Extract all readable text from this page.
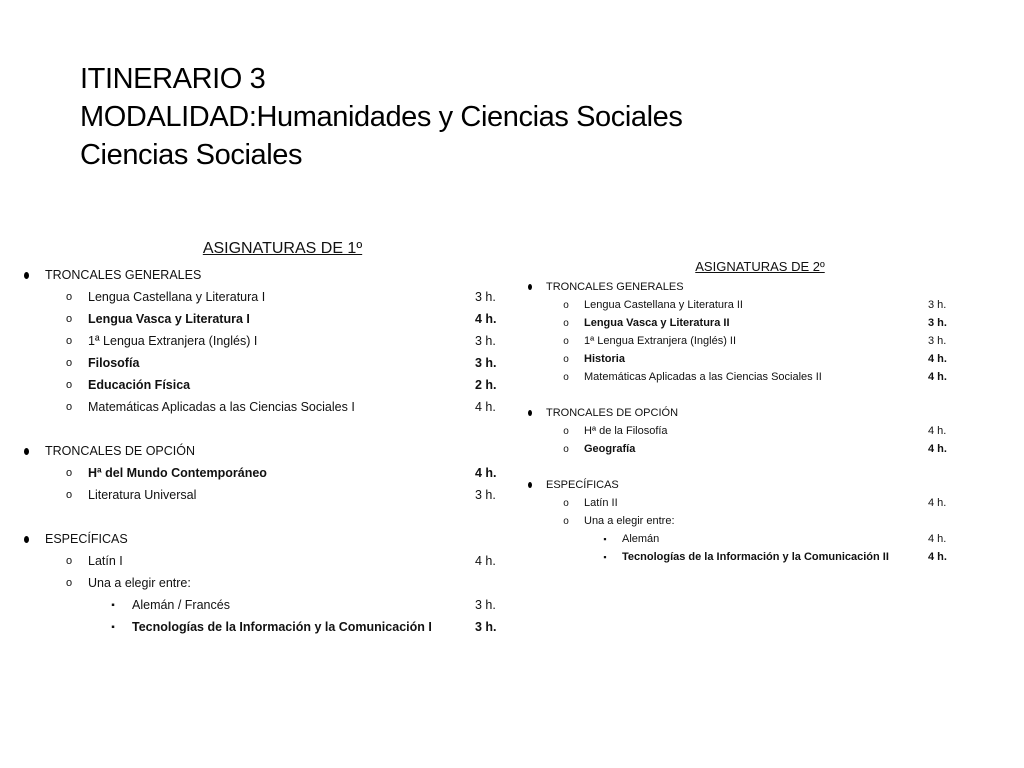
ITINERARIO 3
MODALIDAD:Humanidades y Ciencias Sociales
Ciencias Sociales
ASIGNATURAS DE 1º
TRONCALES GENERALES
o	Lengua Castellana y Literatura I	3 h.
o	Lengua Vasca y Literatura I	4 h.
o	1ª Lengua Extranjera (Inglés) I	3 h.
o	Filosofía	3 h.
o	Educación Física	2 h.
o	Matemáticas Aplicadas a las Ciencias Sociales I	4 h.
TRONCALES DE OPCIÓN
o	Hª del Mundo Contemporáneo	4 h.
o	Literatura Universal	3 h.
ESPECÍFICAS
o	Latín I	4 h.
o	Una a elegir entre:
▪ Alemán / Francés	3 h.
▪ Tecnologías de la Información y la Comunicación I	3 h.
ASIGNATURAS DE 2º
TRONCALES GENERALES
o Lengua Castellana y Literatura II	3 h.
o Lengua Vasca y Literatura II	3 h.
o 1ª Lengua Extranjera (Inglés) II	3 h.
o Historia	4 h.
o Matemáticas Aplicadas a las Ciencias Sociales II	4 h.
TRONCALES DE OPCIÓN
o Hª de la Filosofía	4 h.
o Geografía	4 h.
ESPECÍFICAS
o Latín II	4 h.
o Una a elegir entre:
▪	Alemán	4 h.
▪	Tecnologías de la Información y la Comunicación II	4 h.
